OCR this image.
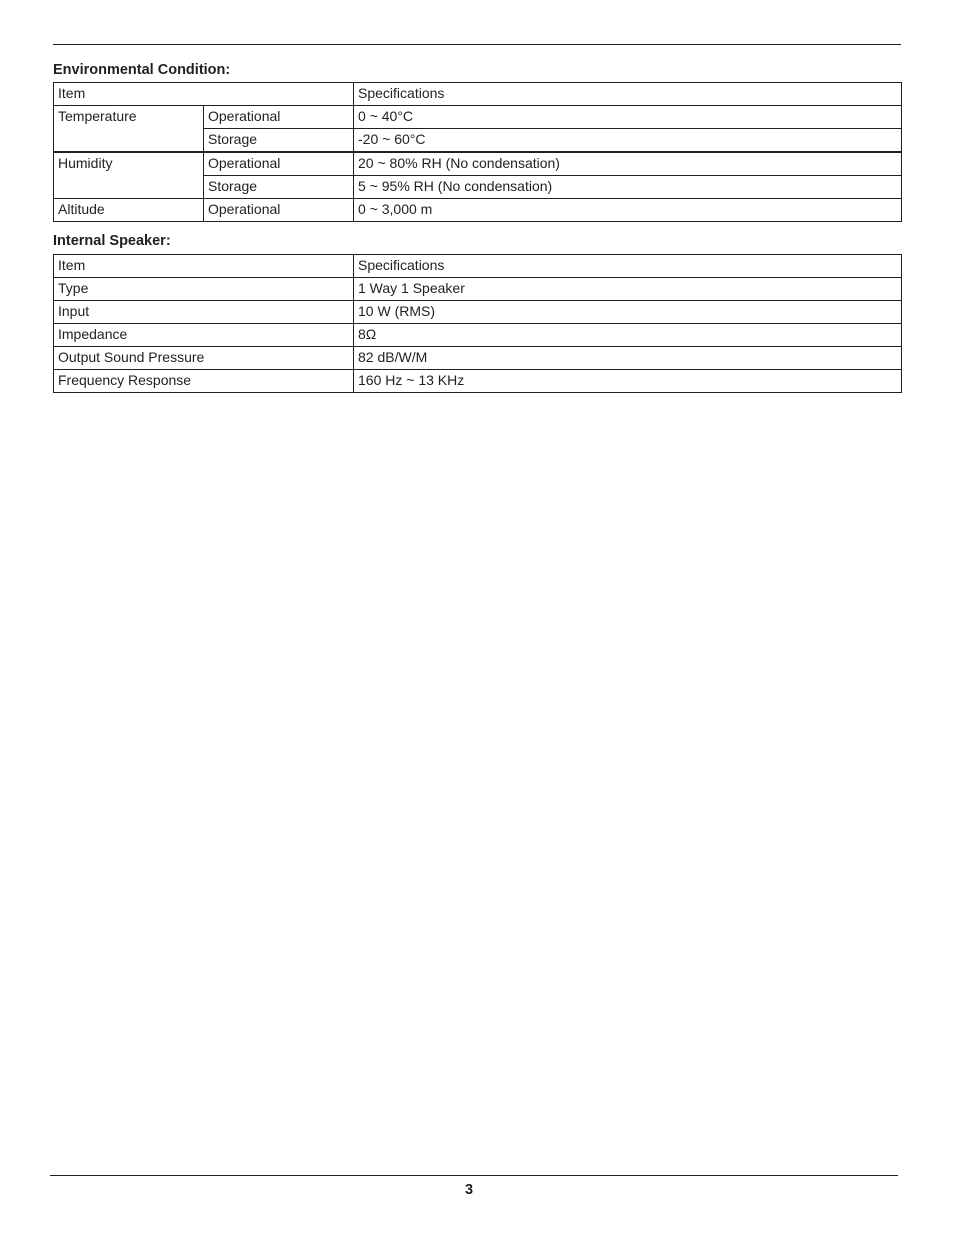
Environmental Condition:
Item		Specifications
Temperature	Operational	0 ~ 40°C
	Storage	-20 ~ 60°C
Humidity	Operational	20 ~ 80% RH (No condensation)
	Storage	5 ~ 95% RH (No condensation)
Altitude	Operational	0 ~ 3,000 m
Internal Speaker:
Item	Specifications
Type	1 Way 1 Speaker
Input	10 W (RMS)
Impedance	8Ω
Output Sound Pressure	82 dB/W/M
Frequency Response	160 Hz ~ 13 KHz
3
